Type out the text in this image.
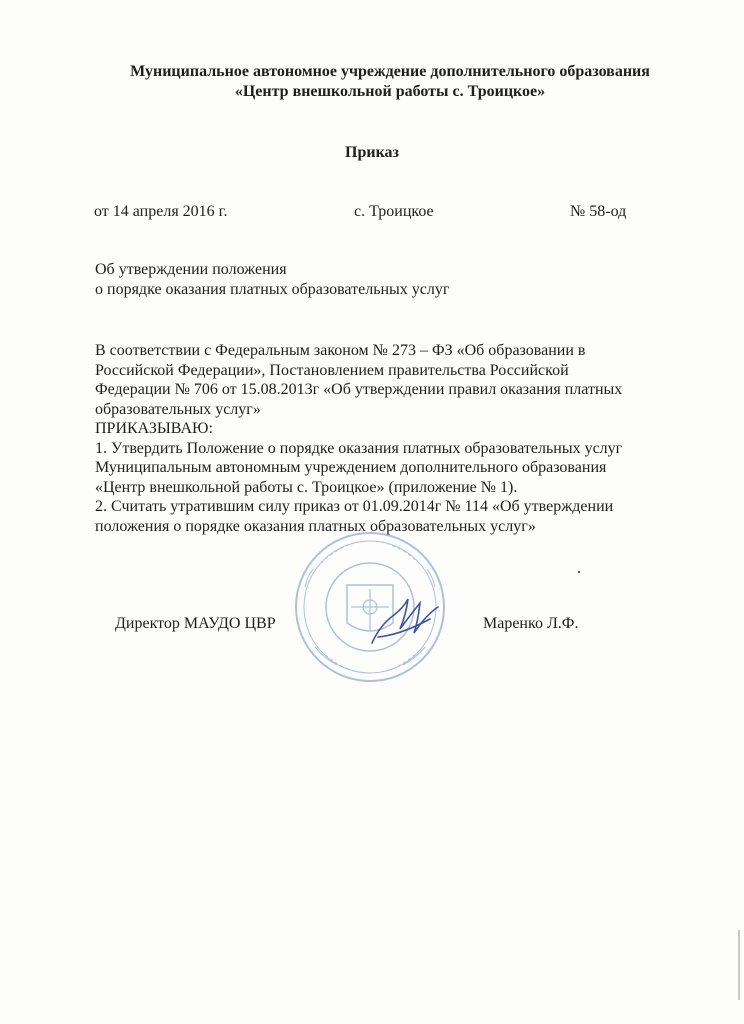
Муниципальное автономное учреждение дополнительного образования
«Центр внешкольной работы с. Троицкое»
Приказ
от 14 апреля 2016 г.	с. Троицкое	№ 58-од
Об утверждении положения
о порядке оказания платных образовательных услуг
В соответствии с Федеральным законом № 273 – ФЗ «Об образовании в
Российской Федерации», Постановлением правительства Российской
Федерации № 706 от 15.08.2013г «Об утверждении правил оказания платных
образовательных услуг»
ПРИКАЗЫВАЮ:
1. Утвердить Положение о порядке оказания платных образовательных услуг
Муниципальным автономным учреждением дополнительного образования
«Центр внешкольной работы с. Троицкое» (приложение № 1).
2. Считать утратившим силу приказ от 01.09.2014г № 114 «Об утверждении
положения о порядке оказания платных образовательных услуг»
.
Директор МАУДО ЦВР	Маренко Л.Ф.
